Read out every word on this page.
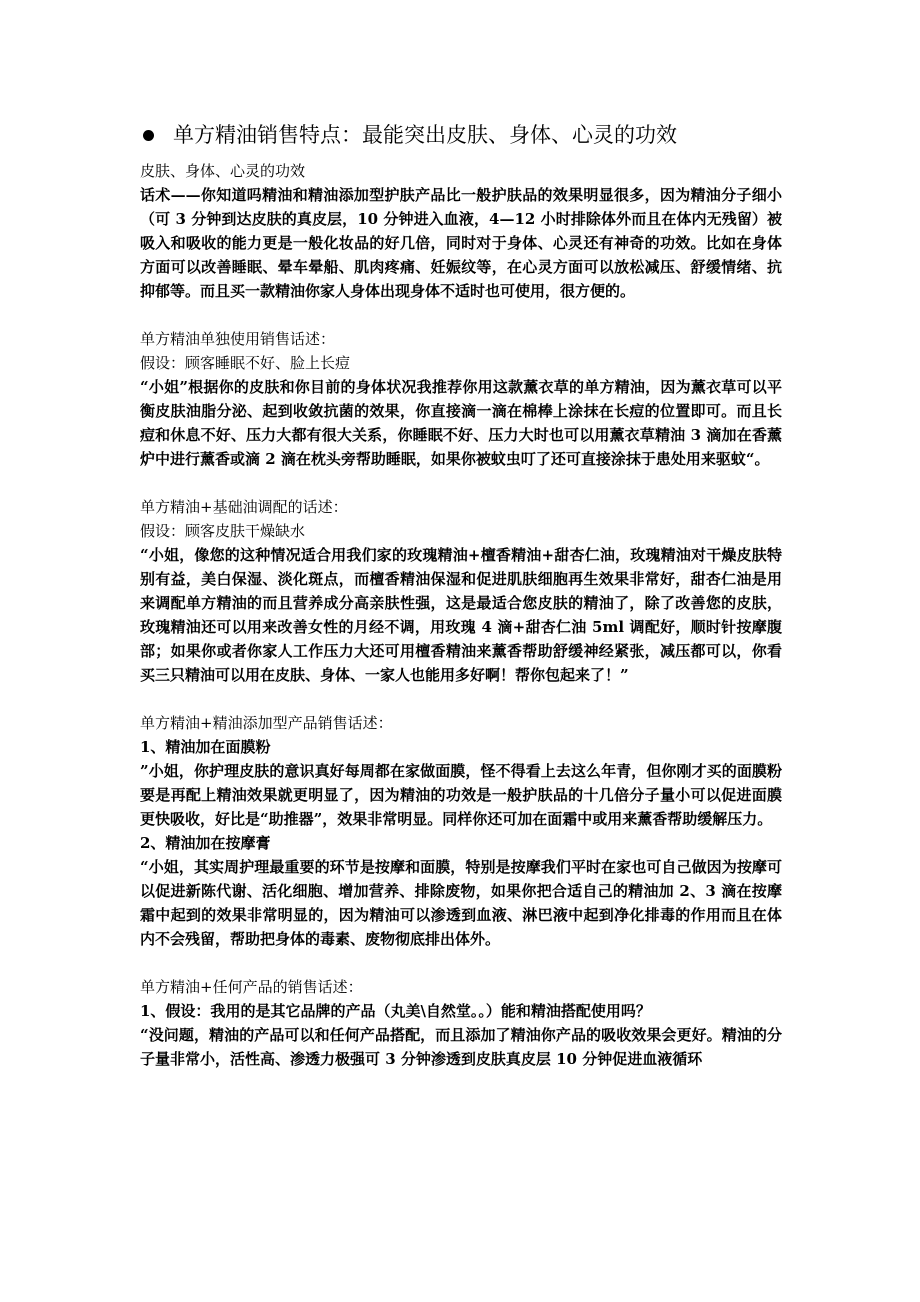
单方精油销售特点：最能突出皮肤、身体、心灵的功效

皮肤、身体、心灵的功效

话术——你知道吗精油和精油添加型护肤产品比一般护肤品的效果明显很多，因为精油分子细小（可 3 分钟到达皮肤的真皮层，10 分钟进入血液，4—12 小时排除体外而且在体内无残留）被吸入和吸收的能力更是一般化妆品的好几倍，同时对于身体、心灵还有神奇的功效。比如在身体方面可以改善睡眠、晕车晕船、肌肉疼痛、妊娠纹等，在心灵方面可以放松减压、舒缓情绪、抗抑郁等。而且买一款精油你家人身体出现身体不适时也可使用，很方便的。

单方精油单独使用销售话述：

假设：顾客睡眠不好、脸上长痘

“小姐”根据你的皮肤和你目前的身体状况我推荐你用这款薰衣草的单方精油，因为薰衣草可以平衡皮肤油脂分泌、起到收敛抗菌的效果，你直接滴一滴在棉棒上涂抹在长痘的位置即可。而且长痘和休息不好、压力大都有很大关系，你睡眠不好、压力大时也可以用薰衣草精油 3 滴加在香薰炉中进行薰香或滴 2 滴在枕头旁帮助睡眠，如果你被蚊虫叮了还可直接涂抹于患处用来驱蚊“。

单方精油+基础油调配的话述：

假设：顾客皮肤干燥缺水

“小姐，像您的这种情况适合用我们家的玫瑰精油+檀香精油+甜杏仁油，玫瑰精油对干燥皮肤特别有益，美白保湿、淡化斑点，而檀香精油保湿和促进肌肤细胞再生效果非常好，甜杏仁油是用来调配单方精油的而且营养成分高亲肤性强，这是最适合您皮肤的精油了，除了改善您的皮肤，玫瑰精油还可以用来改善女性的月经不调，用玫瑰 4 滴+甜杏仁油 5ml 调配好，顺时针按摩腹部；如果你或者你家人工作压力大还可用檀香精油来薰香帮助舒缓神经紧张，减压都可以，你看买三只精油可以用在皮肤、身体、一家人也能用多好啊！帮你包起来了！”

单方精油+精油添加型产品销售话述：

1、精油加在面膜粉

”小姐，你护理皮肤的意识真好每周都在家做面膜，怪不得看上去这么年青，但你刚才买的面膜粉要是再配上精油效果就更明显了，因为精油的功效是一般护肤品的十几倍分子量小可以促进面膜更快吸收，好比是“助推器”，效果非常明显。同样你还可加在面霜中或用来薰香帮助缓解压力。

2、精油加在按摩膏

“小姐，其实周护理最重要的环节是按摩和面膜，特别是按摩我们平时在家也可自己做因为按摩可以促进新陈代谢、活化细胞、增加营养、排除废物，如果你把合适自己的精油加 2、3 滴在按摩霜中起到的效果非常明显的，因为精油可以渗透到血液、淋巴液中起到净化排毒的作用而且在体内不会残留，帮助把身体的毒素、废物彻底排出体外。

单方精油+任何产品的销售话述：

1、假设：我用的是其它品牌的产品（丸美\自然堂。。）能和精油搭配使用吗？

“没问题，精油的产品可以和任何产品搭配，而且添加了精油你产品的吸收效果会更好。精油的分子量非常小，活性高、渗透力极强可 3 分钟渗透到皮肤真皮层 10 分钟促进血液循环
